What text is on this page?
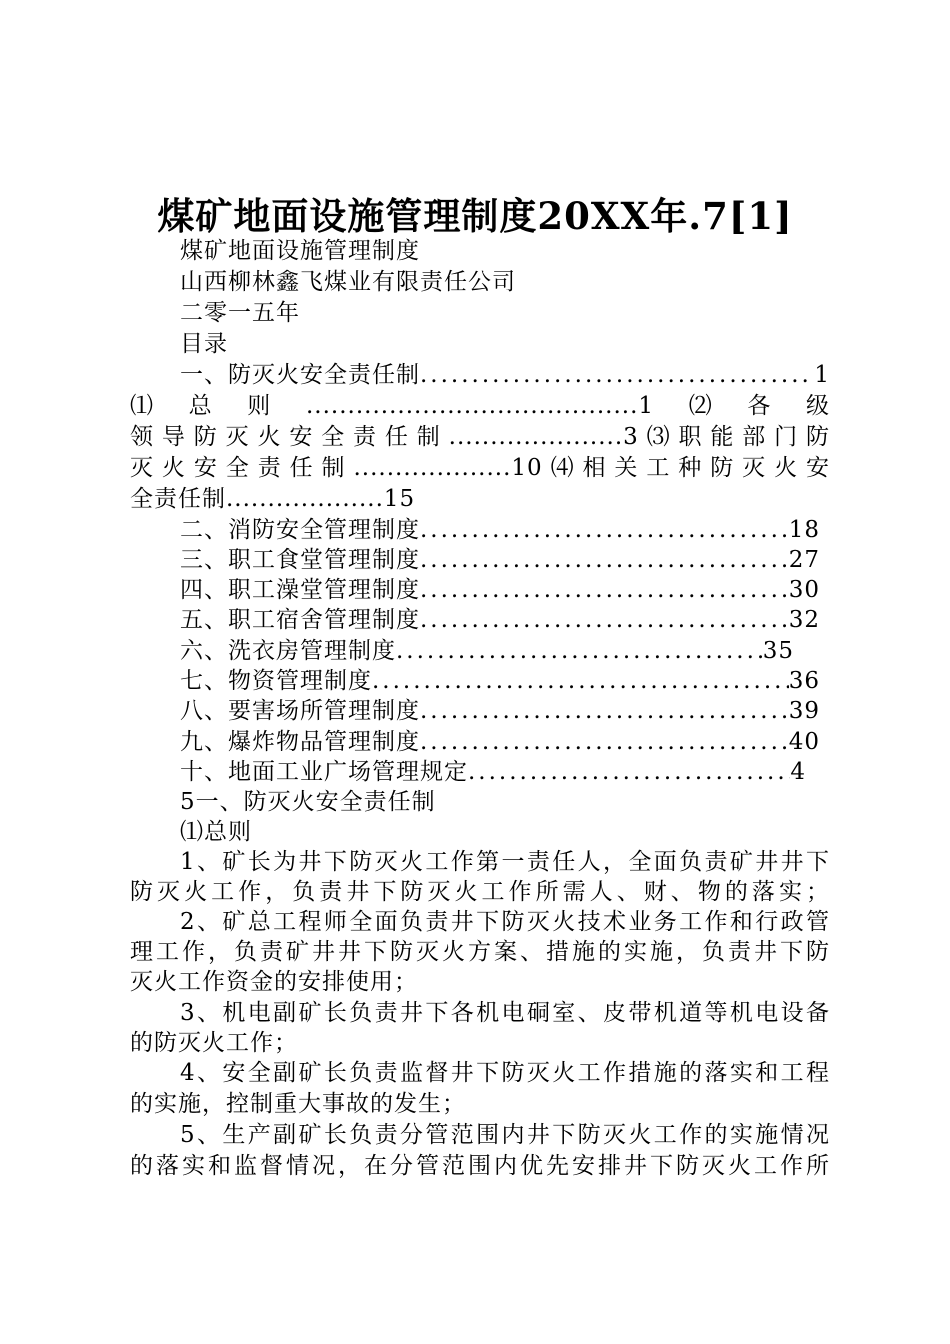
煤矿地面设施管理制度20XX年.7[1]
煤矿地面设施管理制度
山西柳林鑫飞煤业有限责任公司
二零一五年
目录
一、防灭火安全责任制 .....	1
⑴总则........................................1⑵各级
领导防灭火安全责任制.....................3⑶职能部门防
灭火安全责任制...................10⑷相关工种防灭火安
全责任制...................15
二、消防安全管理制度 .....	18
三、职工食堂管理制度 .....	27
四、职工澡堂管理制度 .....	30
五、职工宿舍管理制度 .....	32
六、洗衣房管理制度 .....	35
七、物资管理制度 .....	36
八、要害场所管理制度 .....	39
九、爆炸物品管理制度 .....	40
十、地面工业广场管理规定 .....	4
5一、防灭火安全责任制
⑴总则
1、矿长为井下防灭火工作第一责任人，全面负责矿井井下
防灭火工作，负责井下防灭火工作所需人、财、物的落实；
2、矿总工程师全面负责井下防灭火技术业务工作和行政管
理工作，负责矿井井下防灭火方案、措施的实施，负责井下防
灭火工作资金的安排使用；
3、机电副矿长负责井下各机电硐室、皮带机道等机电设备
的防灭火工作；
4、安全副矿长负责监督井下防灭火工作措施的落实和工程
的实施，控制重大事故的发生；
5、生产副矿长负责分管范围内井下防灭火工作的实施情况
的落实和监督情况，在分管范围内优先安排井下防灭火工作所
